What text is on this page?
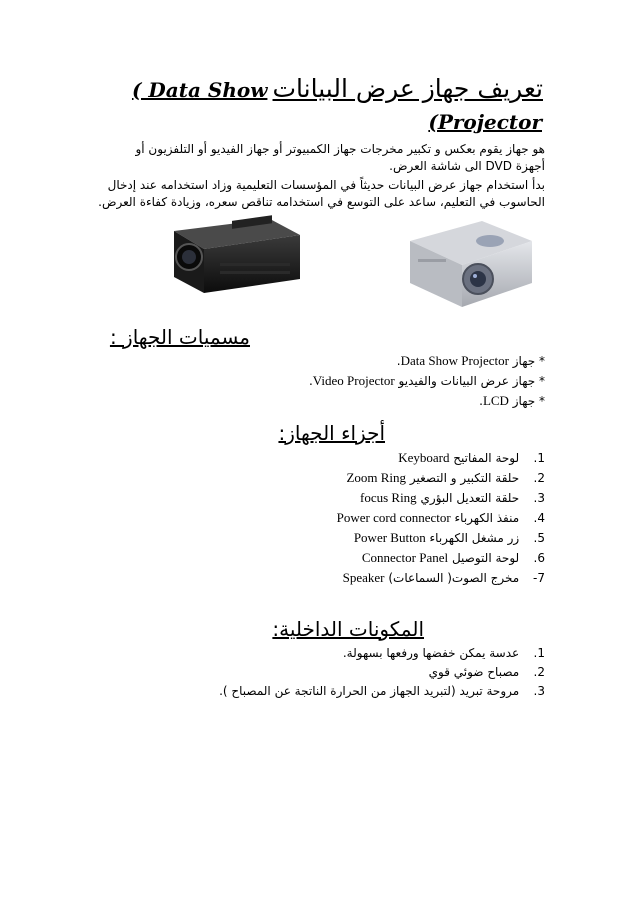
( Data Show تعريف جهاز عرض البيانات
(Projector
هو جهاز يقوم بعكس و تكبير مخرجات جهاز الكمبيوتر أو جهاز الفيديو أو التلفزيون أو
أجهزة DVD الى شاشة العرض.
بدأ استخدام جهاز عرض البيانات حديثاً في المؤسسات التعليمية وزاد استخدامه عند إدخال
الحاسوب في التعليم، ساعد على التوسع في استخدامه تناقص سعره، وزيادة كفاءة العرض.
مسميات الجهاز :
* جهاز Data Show Projector.
* جهاز عرض البيانات والفيديو Video Projector.
* جهاز LCD.
أجزاء الجهاز:
1. لوحة المفاتيح Keyboard
2. حلقة التكبير و التصغير Zoom Ring
3. حلقة التعديل البؤري focus Ring
4. منفذ الكهرباء Power cord connector
5. زر مشغل الكهرباء Power Button
6. لوحة التوصيل Connector Panel
7- مخرج الصوت( السماعات) Speaker
المكونات الداخلية:
1. عدسة يمكن خفضها ورفعها بسهولة.
2. مصباح ضوئي قوي
3. مروحة تبريد (لتبريد الجهاز من الحرارة الناتجة عن المصباح ).
